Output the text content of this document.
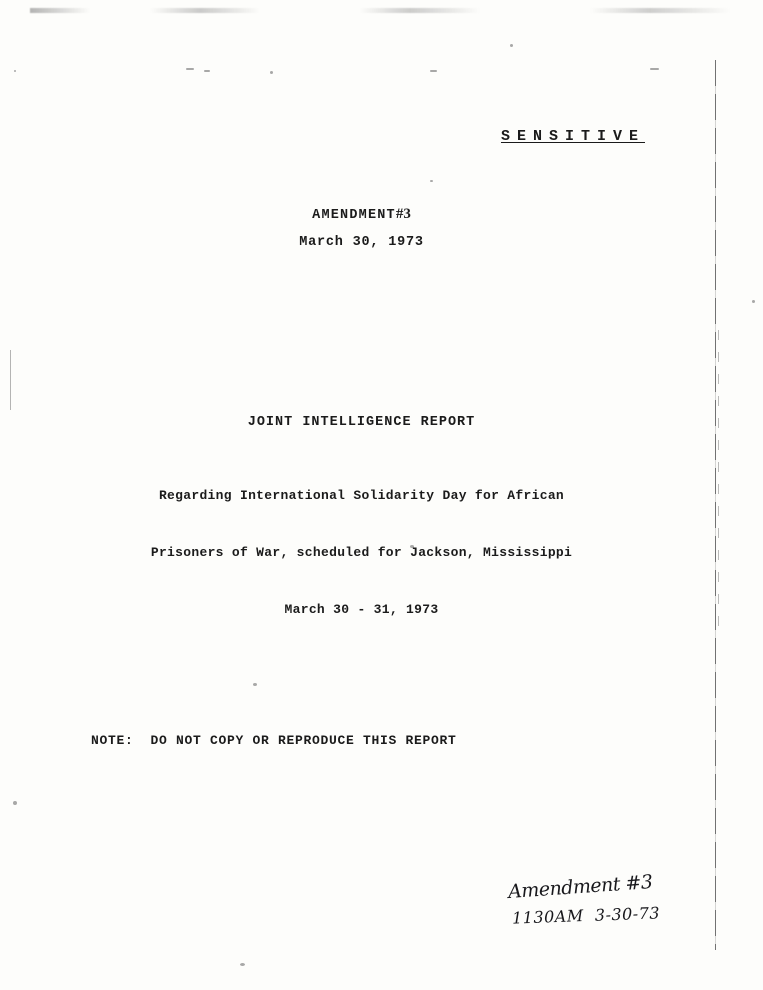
SENSITIVE
AMENDMENT#3
March 30, 1973
JOINT INTELLIGENCE REPORT

Regarding International Solidarity Day for African

Prisoners of War, scheduled for Jackson, Mississippi

March 30 - 31, 1973

NOTE:  DO NOT COPY OR REPRODUCE THIS REPORT
Amendment #3
1130AM  3-30-73
